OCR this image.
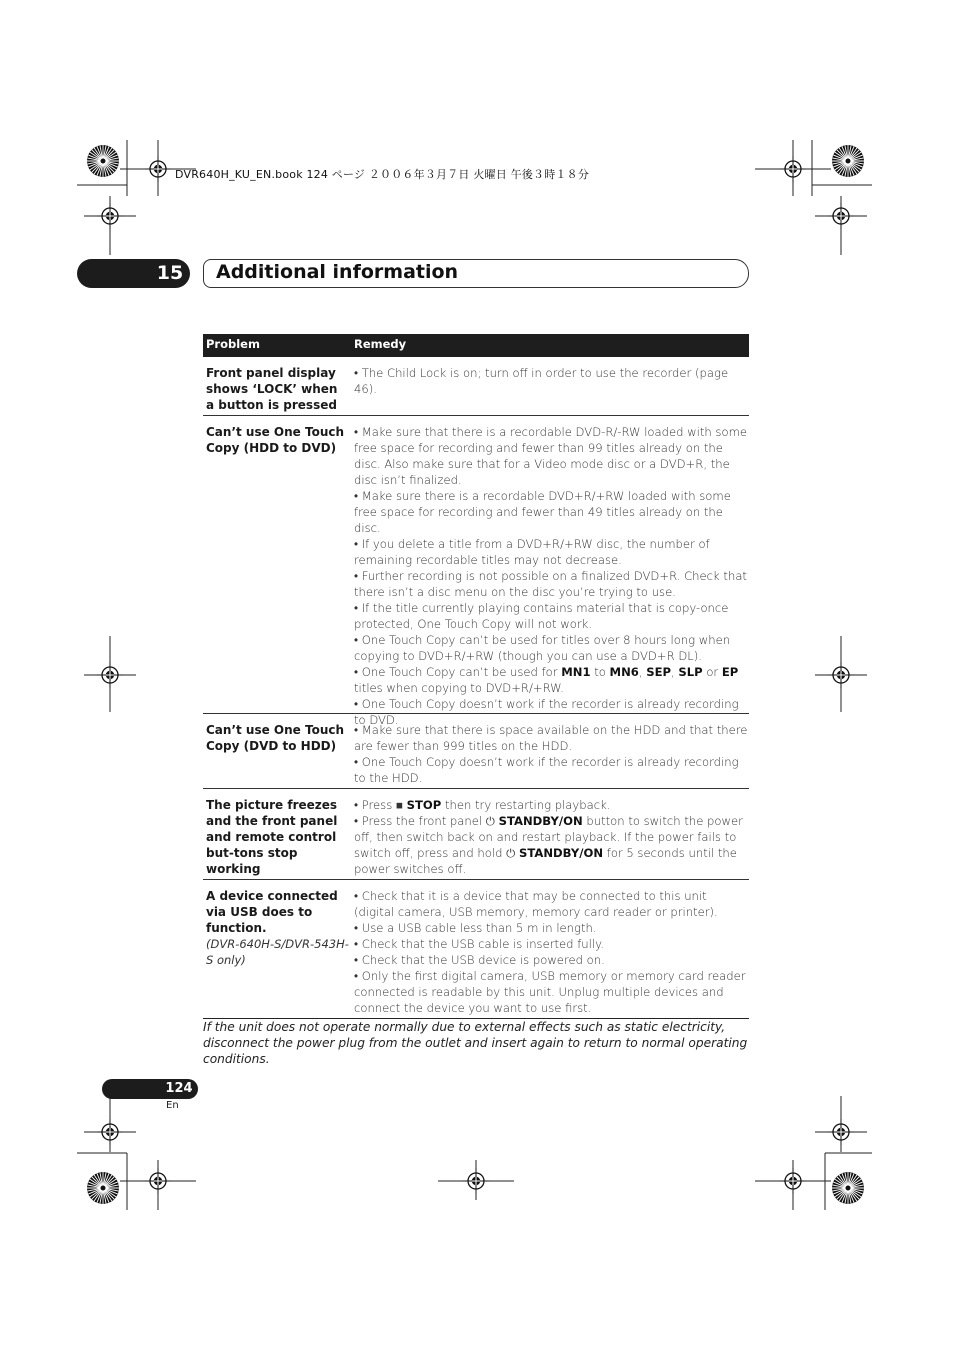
DVR640H_KU_EN.book 124 ページ ２００６年３月７日 火曜日 午後３時１８分
15	Additional information
Problem	Remedy
Front panel display shows ‘LOCK’ when a button is pressed
• The Child Lock is on; turn off in order to use the recorder (page 46).
Can’t use One Touch Copy (HDD to DVD)
• Make sure that there is a recordable DVD-R/-RW loaded with some free space for recording and fewer than 99 titles already on the disc. Also make sure that for a Video mode disc or a DVD+R, the disc isn’t finalized.
• Make sure there is a recordable DVD+R/+RW loaded with some free space for recording and fewer than 49 titles already on the disc.
• If you delete a title from a DVD+R/+RW disc, the number of remaining recordable titles may not decrease.
• Further recording is not possible on a finalized DVD+R. Check that there isn’t a disc menu on the disc you’re trying to use.
• If the title currently playing contains material that is copy-once protected, One Touch Copy will not work.
• One Touch Copy can’t be used for titles over 8 hours long when copying to DVD+R/+RW (though you can use a DVD+R DL).
• One Touch Copy can’t be used for MN1 to MN6, SEP, SLP or EP titles when copying to DVD+R/+RW.
• One Touch Copy doesn’t work if the recorder is already recording to DVD.
Can’t use One Touch Copy (DVD to HDD)
• Make sure that there is space available on the HDD and that there are fewer than 999 titles on the HDD.
• One Touch Copy doesn’t work if the recorder is already recording to the HDD.
The picture freezes and the front panel and remote control but-tons stop working
• Press ■ STOP then try restarting playback.
• Press the front panel ⏻ STANDBY/ON button to switch the power off, then switch back on and restart playback. If the power fails to switch off, press and hold ⏻ STANDBY/ON for 5 seconds until the power switches off.
A device connected via USB does to function.
(DVR-640H-S/DVR-543H-S only)
• Check that it is a device that may be connected to this unit (digital camera, USB memory, memory card reader or printer).
• Use a USB cable less than 5 m in length.
• Check that the USB cable is inserted fully.
• Check that the USB device is powered on.
• Only the first digital camera, USB memory or memory card reader connected is readable by this unit. Unplug multiple devices and connect the device you want to use first.
If the unit does not operate normally due to external effects such as static electricity, disconnect the power plug from the outlet and insert again to return to normal operating conditions.
124
En
